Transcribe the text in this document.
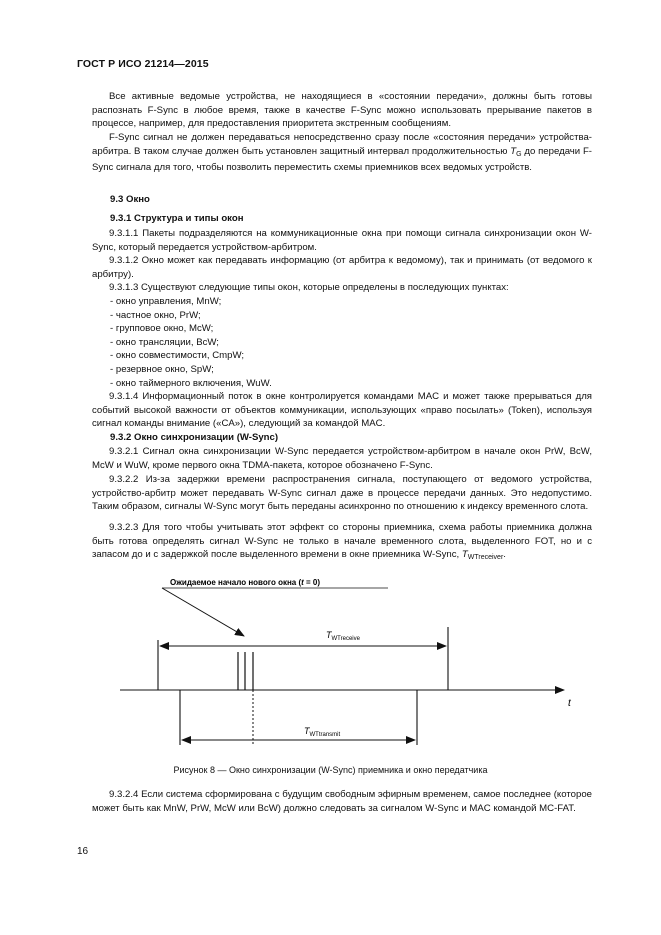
ГОСТ Р ИСО 21214—2015

Все активные ведомые устройства, не находящиеся в «состоянии передачи», должны быть готовы распознать F-Sync в любое время, также в качестве F-Sync можно использовать прерывание пакетов в процессе, например, для предоставления приоритета экстренным сообщениям.

F-Sync сигнал не должен передаваться непосредственно сразу после «состояния передачи» устройства-арбитра. В таком случае должен быть установлен защитный интервал продолжительностью $T_G$ до передачи F-Sync сигнала для того, чтобы позволить переместить схемы приемников всех ведомых устройств.

9.3 Окно
9.3.1 Структура и типы окон

9.3.1.1 Пакеты подразделяются на коммуникационные окна при помощи сигнала синхронизации окон W-Sync, который передается устройством-арбитром.

9.3.1.2 Окно может как передавать информацию (от арбитра к ведомому), так и принимать (от ведомого к арбитру).

9.3.1.3 Существуют следующие типы окон, которые определены в последующих пунктах:

- окно управления, MnW;
- частное окно, PrW;
- групповое окно, McW;
- окно трансляции, BcW;
- окно совместимости, CmpW;
- резервное окно, SpW;
- окно таймерного включения, WuW.

9.3.1.4 Информационный поток в окне контролируется командами MAC и может также прерываться для событий высокой важности от объектов коммуникации, использующих «право посылать» (Token), используя сигнал команды внимание («CA»), следующий за командой MAC.

9.3.2 Окно синхронизации (W-Sync)

9.3.2.1 Сигнал окна синхронизации W-Sync передается устройством-арбитром в начале окон PrW, BcW, McW и WuW, кроме первого окна TDMA-пакета, которое обозначено F-Sync.

9.3.2.2 Из-за задержки времени распространения сигнала, поступающего от ведомого устройства, устройство-арбитр может передавать W-Sync сигнал даже в процессе передачи данных. Это недопустимо. Таким образом, сигналы W-Sync могут быть переданы асинхронно по отношению к индексу временного слота.

9.3.2.3 Для того чтобы учитывать этот эффект со стороны приемника, схема работы приемника должна быть готова определять сигнал W-Sync не только в начале временного слота, выделенного FOT, но и с запасом до и с задержкой после выделенного времени в окне приемника W-Sync, $T_{WTreceiver}$.

Ожидаемое начало нового окна (t = 0)
$T_{WTreceive}$
t
$T_{WTtransmit}$
Рисунок 8 — Окно синхронизации (W-Sync) приемника и окно передатчика

9.3.2.4 Если система сформирована с будущим свободным эфирным временем, самое последнее (которое может быть как MnW, PrW, McW или BcW) должно следовать за сигналом W-Sync и MAC командой MC-FAT.

16
